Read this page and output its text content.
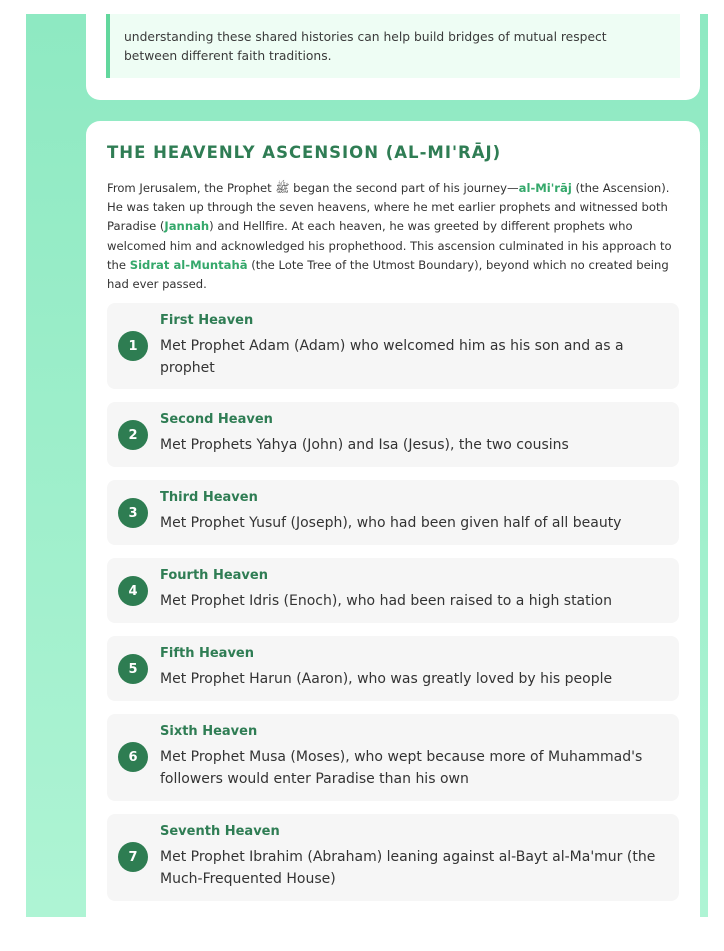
understanding these shared histories can help build bridges of mutual respect between different faith traditions.
THE HEAVENLY ASCENSION (AL-MI'RĀJ)

From Jerusalem, the Prophet ﷺ began the second part of his journey—al-Mi'rāj (the Ascension). He was taken up through the seven heavens, where he met earlier prophets and witnessed both Paradise (Jannah) and Hellfire. At each heaven, he was greeted by different prophets who welcomed him and acknowledged his prophethood. This ascension culminated in his approach to the Sidrat al-Muntahā (the Lote Tree of the Utmost Boundary), beyond which no created being had ever passed.

1
First Heaven
Met Prophet Adam (Adam) who welcomed him as his son and as a prophet
2
Second Heaven
Met Prophets Yahya (John) and Isa (Jesus), the two cousins
3
Third Heaven
Met Prophet Yusuf (Joseph), who had been given half of all beauty
4
Fourth Heaven
Met Prophet Idris (Enoch), who had been raised to a high station
5
Fifth Heaven
Met Prophet Harun (Aaron), who was greatly loved by his people
6
Sixth Heaven
Met Prophet Musa (Moses), who wept because more of Muhammad's followers would enter Paradise than his own
7
Seventh Heaven
Met Prophet Ibrahim (Abraham) leaning against al-Bayt al-Ma'mur (the Much-Frequented House)
